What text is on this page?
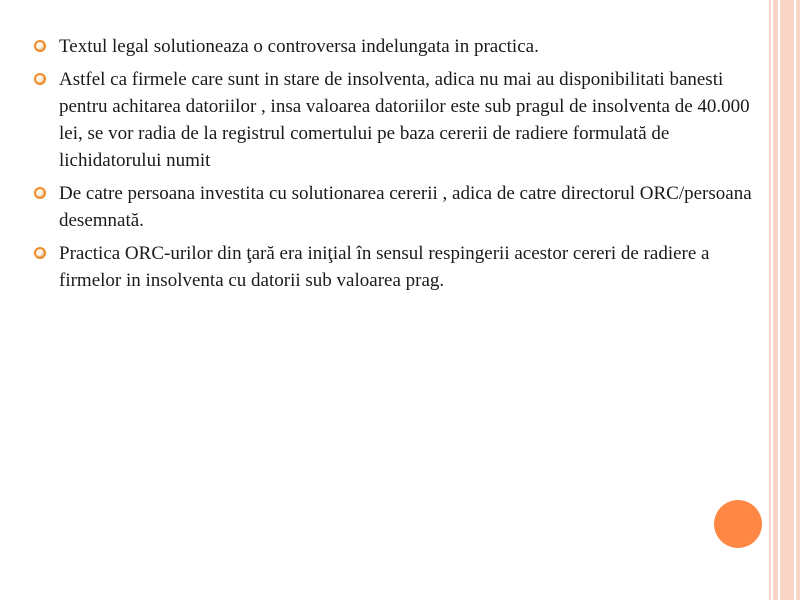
Textul legal solutioneaza o controversa indelungata in practica.
Astfel ca firmele care sunt in stare de insolventa, adica nu mai au disponibilitati banesti pentru achitarea datoriilor , insa valoarea datoriilor este sub pragul de insolventa de 40.000 lei, se vor radia de la registrul comertului pe baza cererii de radiere formulată de lichidatorului numit
De catre persoana investita cu solutionarea cererii , adica de catre directorul ORC/persoana desemnată.
Practica ORC-urilor din ţară era iniţial în sensul respingerii acestor cereri de radiere a firmelor in insolventa cu datorii sub valoarea prag.
